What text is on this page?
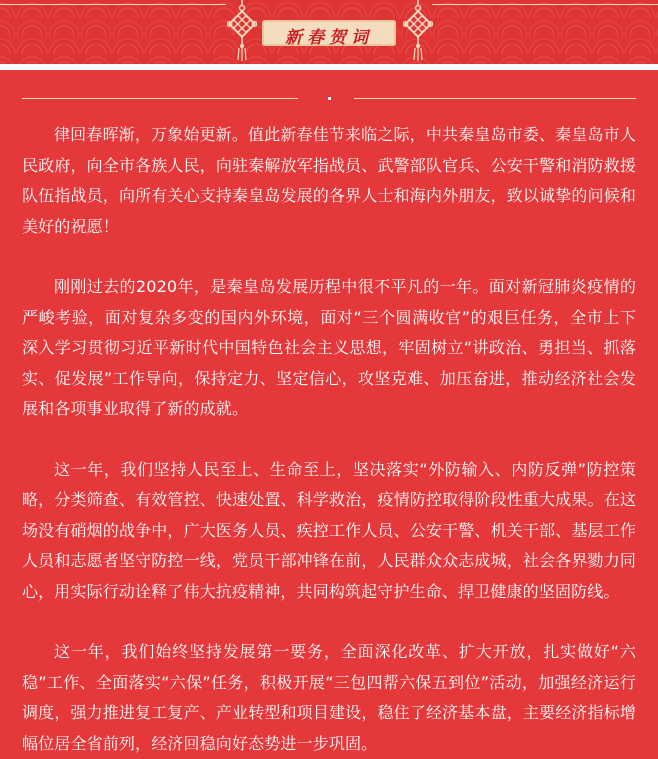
新春贺词

律回春晖渐，万象始更新。值此新春佳节来临之际，中共秦皇岛市委、秦皇岛市人民政府，向全市各族人民，向驻秦解放军指战员、武警部队官兵、公安干警和消防救援队伍指战员，向所有关心支持秦皇岛发展的各界人士和海内外朋友，致以诚挚的问候和美好的祝愿！

刚刚过去的2020年，是秦皇岛发展历程中很不平凡的一年。面对新冠肺炎疫情的严峻考验，面对复杂多变的国内外环境，面对“三个圆满收官”的艰巨任务，全市上下深入学习贯彻习近平新时代中国特色社会主义思想，牢固树立“讲政治、勇担当、抓落实、促发展”工作导向，保持定力、坚定信心，攻坚克难、加压奋进，推动经济社会发展和各项事业取得了新的成就。

这一年，我们坚持人民至上、生命至上，坚决落实“外防输入、内防反弹”防控策略，分类筛查、有效管控、快速处置、科学救治，疫情防控取得阶段性重大成果。在这场没有硝烟的战争中，广大医务人员、疾控工作人员、公安干警、机关干部、基层工作人员和志愿者坚守防控一线，党员干部冲锋在前，人民群众众志成城，社会各界勠力同心，用实际行动诠释了伟大抗疫精神，共同构筑起守护生命、捍卫健康的坚固防线。

这一年，我们始终坚持发展第一要务，全面深化改革、扩大开放，扎实做好“六稳”工作、全面落实“六保”任务，积极开展“三包四帮六保五到位”活动，加强经济运行调度，强力推进复工复产、产业转型和项目建设，稳住了经济基本盘，主要经济指标增幅位居全省前列，经济回稳向好态势进一步巩固。
